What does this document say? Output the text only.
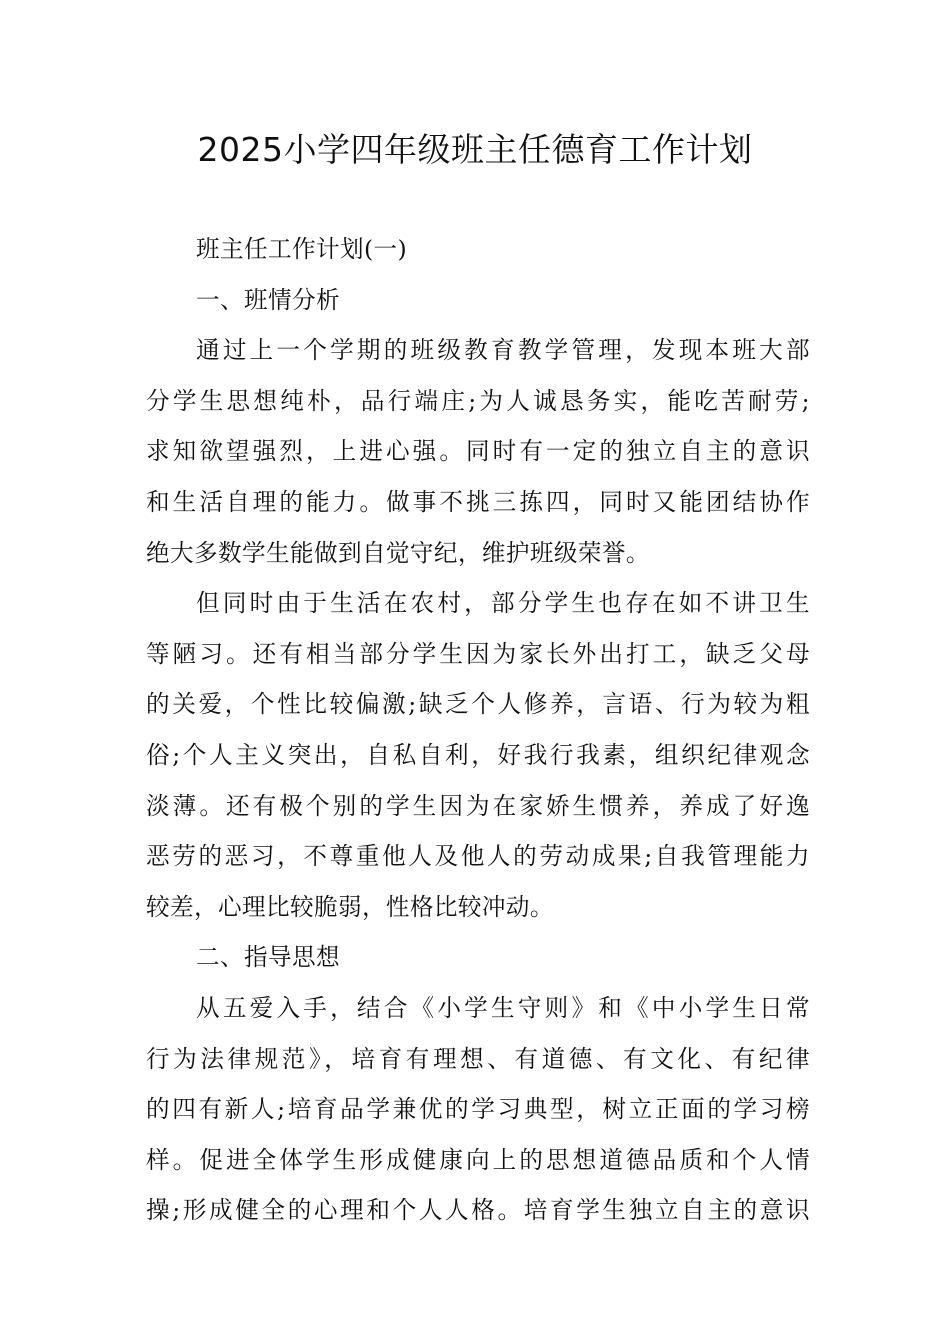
2025小学四年级班主任德育工作计划
班主任工作计划(一)
一、班情分析
通过上一个学期的班级教育教学管理，发现本班大部
分学生思想纯朴，品行端庄;为人诚恳务实，能吃苦耐劳;
求知欲望强烈，上进心强。同时有一定的独立自主的意识
和生活自理的能力。做事不挑三拣四，同时又能团结协作
绝大多数学生能做到自觉守纪，维护班级荣誉。
但同时由于生活在农村，部分学生也存在如不讲卫生
等陋习。还有相当部分学生因为家长外出打工，缺乏父母
的关爱，个性比较偏激;缺乏个人修养，言语、行为较为粗
俗;个人主义突出，自私自利，好我行我素，组织纪律观念
淡薄。还有极个别的学生因为在家娇生惯养，养成了好逸
恶劳的恶习，不尊重他人及他人的劳动成果;自我管理能力
较差，心理比较脆弱，性格比较冲动。
二、指导思想
从五爱入手，结合《小学生守则》和《中小学生日常
行为法律规范》，培育有理想、有道德、有文化、有纪律
的四有新人;培育品学兼优的学习典型，树立正面的学习榜
样。促进全体学生形成健康向上的思想道德品质和个人情
操;形成健全的心理和个人人格。培育学生独立自主的意识
